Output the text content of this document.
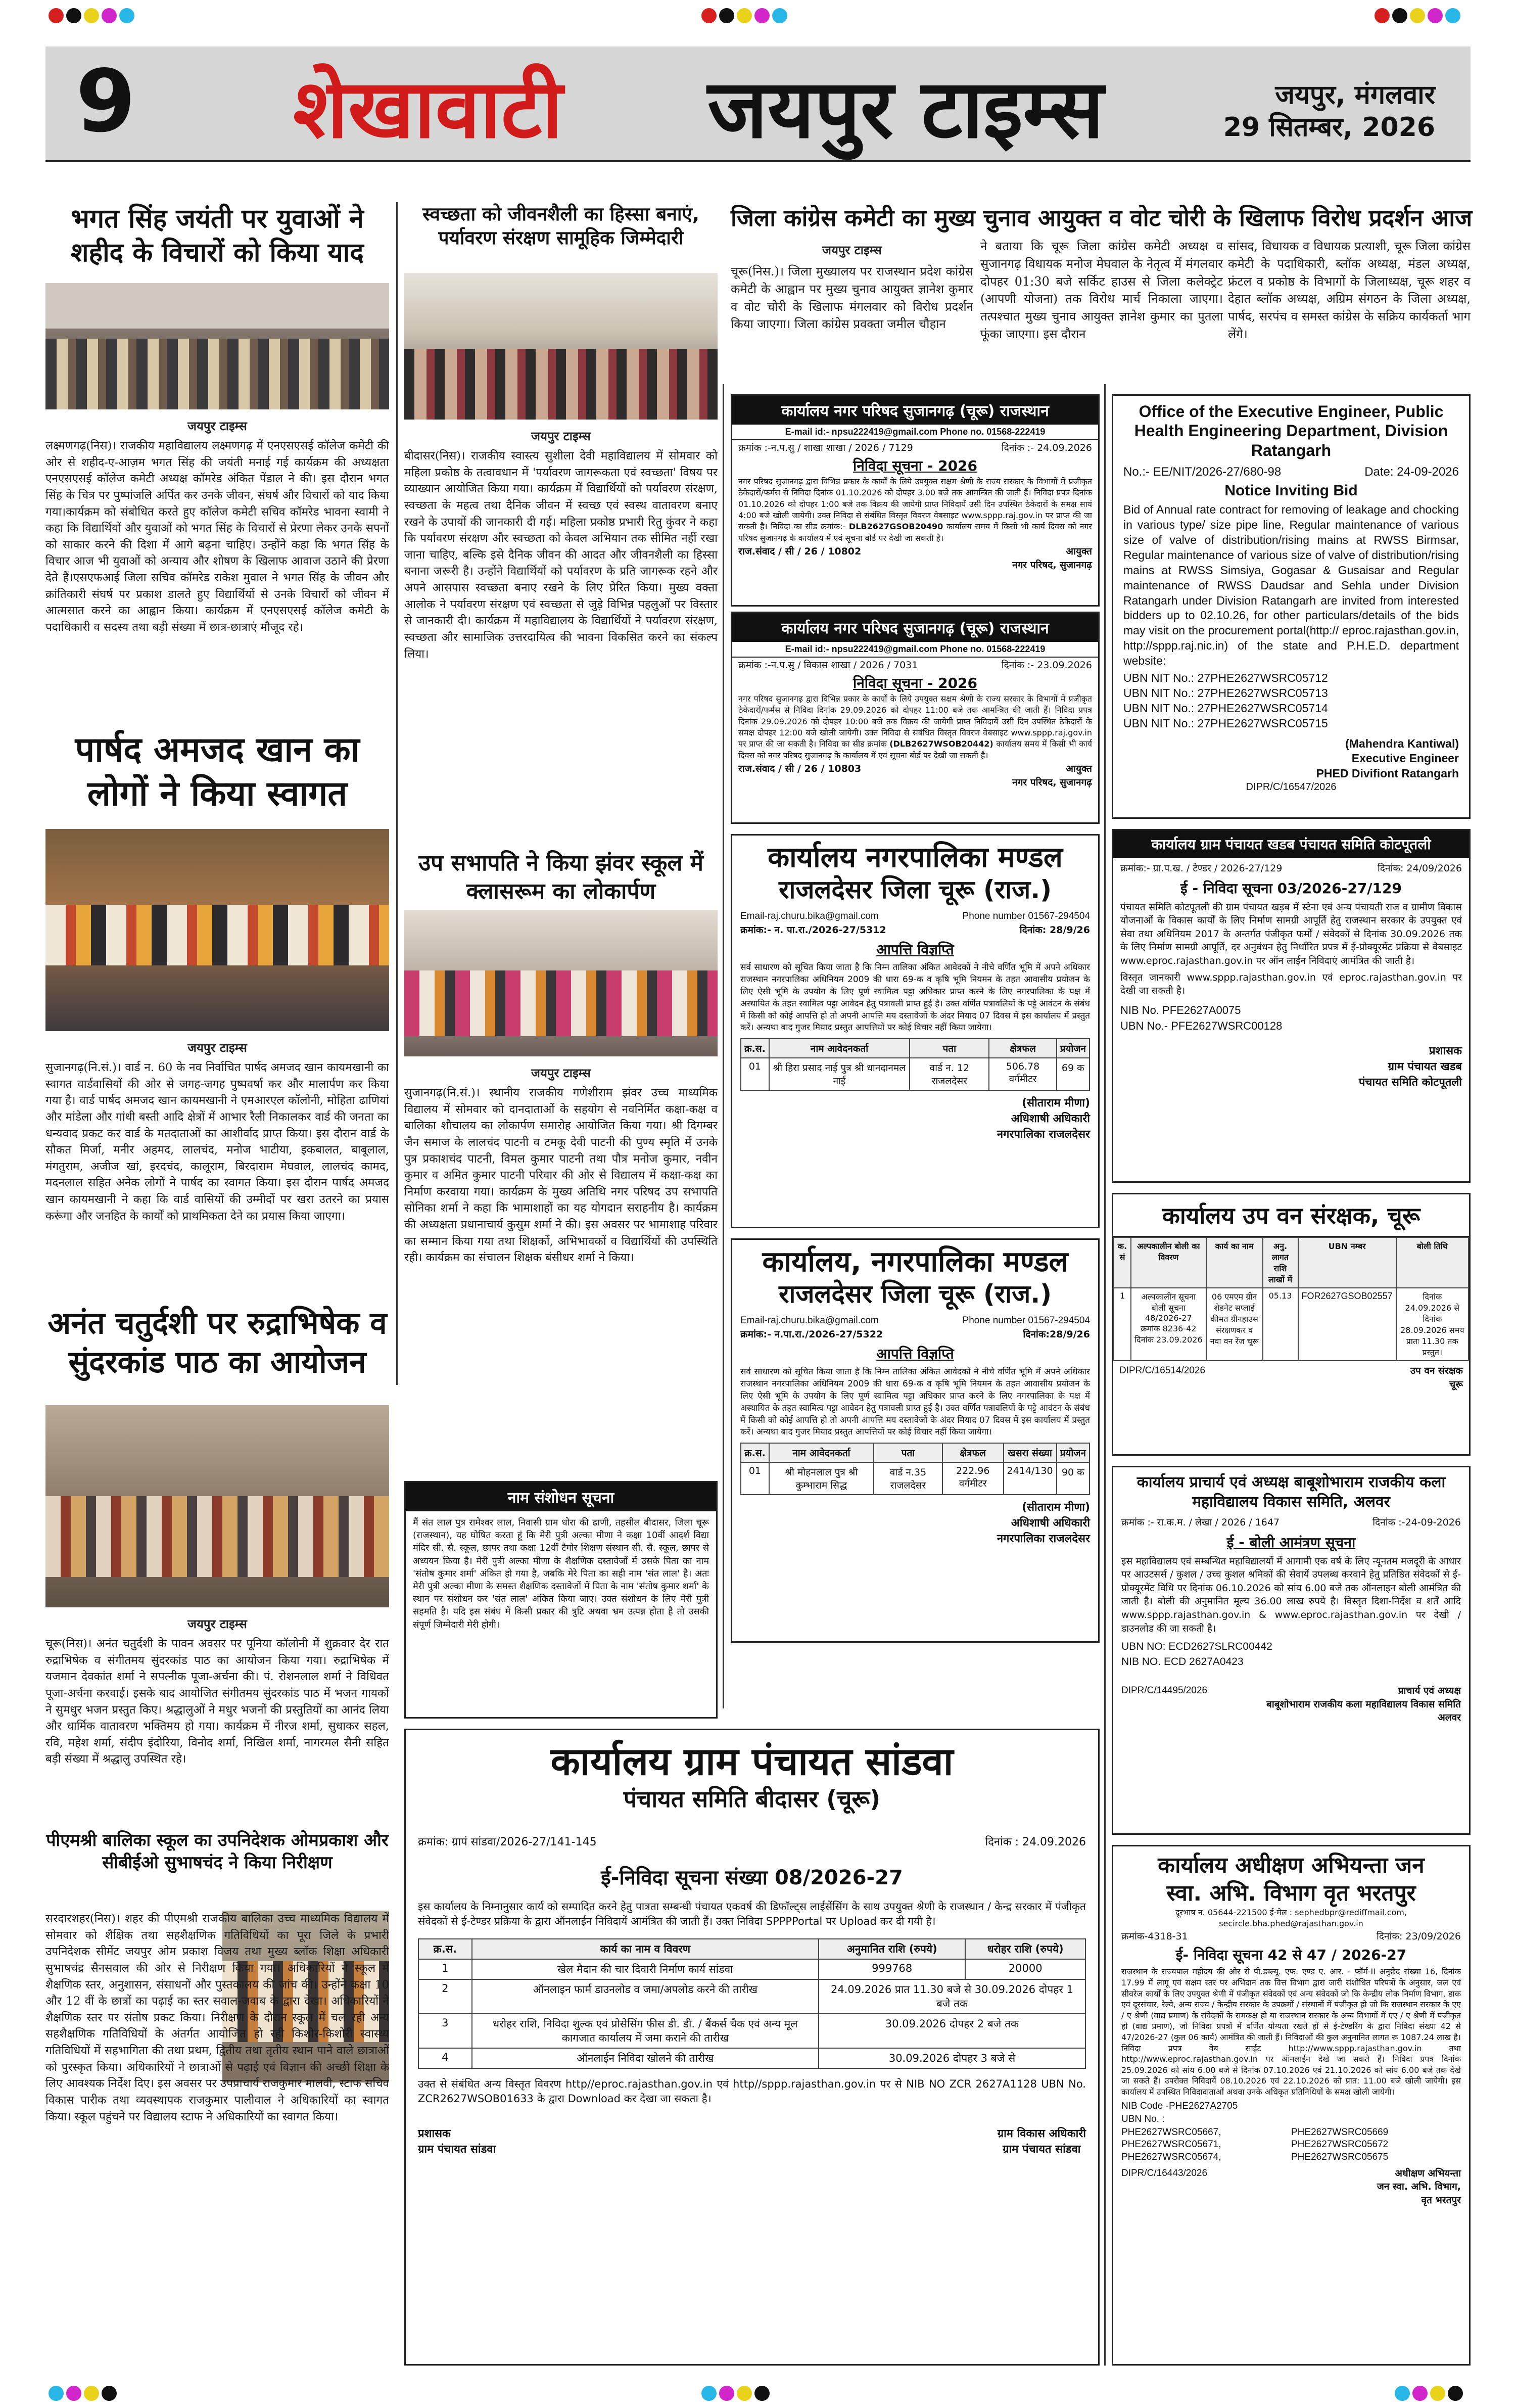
9 शेखावाटी जयपुर टाइम्स	जयपुर, मंगलवार
29 सितम्बर, 2026
भगत सिंह जयंती पर युवाओं ने शहीद के विचारों को किया याद
जयपुर टाइम्स
लक्ष्मणगढ़(निस)। राजकीय महाविद्यालय लक्ष्मणगढ़ में एनएसएसई कॉलेज कमेटी की ओर से शहीद-ए-आज़म भगत सिंह की जयंती मनाई गई कार्यक्रम की अध्यक्षता एनएसएसई कॉलेज कमेटी अध्यक्ष कॉमरेड अंकित पेंडाल ने की। इस दौरान भगत सिंह के चित्र पर पुष्पांजलि अर्पित कर उनके जीवन, संघर्ष और विचारों को याद किया गया।कार्यक्रम को संबोधित करते हुए कॉलेज कमेटी सचिव कॉमरेड भावना स्वामी ने कहा कि विद्यार्थियों और युवाओं को भगत सिंह के विचारों से प्रेरणा लेकर उनके सपनों को साकार करने की दिशा में आगे बढ़ना चाहिए। उन्होंने कहा कि भगत सिंह के विचार आज भी युवाओं को अन्याय और शोषण के खिलाफ आवाज उठाने की प्रेरणा देते हैं।एसएफआई जिला सचिव कॉमरेड राकेश मुवाल ने भगत सिंह के जीवन और क्रांतिकारी संघर्ष पर प्रकाश डालते हुए विद्यार्थियों से उनके विचारों को जीवन में आत्मसात करने का आह्वान किया। कार्यक्रम में एनएसएसई कॉलेज कमेटी के पदाधिकारी व सदस्य तथा बड़ी संख्या में छात्र-छात्राएं मौजूद रहे।
पार्षद अमजद खान का लोगों ने किया स्वागत
जयपुर टाइम्स
सुजानगढ़(नि.सं.)। वार्ड न. 60 के नव निर्वाचित पार्षद अमजद खान कायमखानी का स्वागत वार्डवासियों की ओर से जगह-जगह पुष्पवर्षा कर और मालार्पण कर किया गया है। वार्ड पार्षद अमजद खान कायमखानी ने एमआरएल कॉलोनी, मोहिता ढाणियां और मांडेला और गांधी बस्ती आदि क्षेत्रों में आभार रैली निकालकर वार्ड की जनता का धन्यवाद प्रकट कर वार्ड के मतदाताओं का आशीर्वाद प्राप्त किया। इस दौरान वार्ड के सौकत मिर्जा, मनीर अहमद, लालचंद, मनोज भाटीया, इकबालत, बाबूलाल, मंगतुराम, अजीज खां, इरदचंद, कालूराम, बिरदाराम मेघवाल, लालचंद कामद, मदनलाल सहित अनेक लोगों ने पार्षद का स्वागत किया। इस दौरान पार्षद अमजद खान कायमखानी ने कहा कि वार्ड वासियों की उम्मीदों पर खरा उतरने का प्रयास करूंगा और जनहित के कार्यों को प्राथमिकता देने का प्रयास किया जाएगा।
अनंत चतुर्दशी पर रुद्राभिषेक व सुंदरकांड पाठ का आयोजन
जयपुर टाइम्स
चूरू(निस)। अनंत चतुर्दशी के पावन अवसर पर पूनिया कॉलोनी में शुक्रवार देर रात रुद्राभिषेक व संगीतमय सुंदरकांड पाठ का आयोजन किया गया। रुद्राभिषेक में यजमान देवकांत शर्मा ने सपत्नीक पूजा-अर्चना की। पं. रोशनलाल शर्मा ने विधिवत पूजा-अर्चना करवाई। इसके बाद आयोजित संगीतमय सुंदरकांड पाठ में भजन गायकों ने सुमधुर भजन प्रस्तुत किए। श्रद्धालुओं ने मधुर भजनों की प्रस्तुतियों का आनंद लिया और धार्मिक वातावरण भक्तिमय हो गया। कार्यक्रम में नीरज शर्मा, सुधाकर सहल, रवि, महेश शर्मा, संदीप इंदोरिया, विनोद शर्मा, निखिल शर्मा, नागरमल सैनी सहित बड़ी संख्या में श्रद्धालु उपस्थित रहे।
पीएमश्री बालिका स्कूल का उपनिदेशक ओमप्रकाश और सीबीईओ सुभाषचंद ने किया निरीक्षण
सरदारशहर(निस)। शहर की पीएमश्री राजकीय बालिका उच्च माध्यमिक विद्यालय में सोमवार को शैक्षिक तथा सहशैक्षणिक गतिविधियों का पूरा जिले के प्रभारी उपनिदेशक सीमेंट जयपुर ओम प्रकाश विजय तथा मुख्य ब्लॉक शिक्षा अधिकारी सुभाषचंद्र सैनसवाल की ओर से निरीक्षण किया गया। अधिकारियों ने स्कूल में शैक्षणिक स्तर, अनुशासन, संसाधनों और पुस्तकालय की जांच की। उन्होंने कक्षा 10 और 12 वीं के छात्रों का पढ़ाई का स्तर सवाल-जवाब के द्वारा देखा। अधिकारियों ने शैक्षणिक स्तर पर संतोष प्रकट किया। निरीक्षण के दौरान स्कूल में चल रही अन्य सहशैक्षणिक गतिविधियों के अंतर्गत आयोजित हो रही किशोर-किशोरी स्वास्थ्य गतिविधियों में सहभागिता की तथा प्रथम, द्वितीय तथा तृतीय स्थान पाने वाले छात्राओं को पुरस्कृत किया। अधिकारियों ने छात्राओं से पढ़ाई एवं विज्ञान की अच्छी शिक्षा के लिए आवश्यक निर्देश दिए। इस अवसर पर उपप्राचार्य राजकुमार मालवी, स्टाफ सचिव विकास पारीक तथा व्यवस्थापक राजकुमार पालीवाल ने अधिकारियों का स्वागत किया। स्कूल पहुंचने पर विद्यालय स्टाफ ने अधिकारियों का स्वागत किया।
स्वच्छता को जीवनशैली का हिस्सा बनाएं, पर्यावरण संरक्षण सामूहिक जिम्मेदारी
जयपुर टाइम्स
बीदासर(निस)। राजकीय स्वास्त्य सुशीला देवी महाविद्यालय में सोमवार को महिला प्रकोष्ठ के तत्वावधान में 'पर्यावरण जागरूकता एवं स्वच्छता' विषय पर व्याख्यान आयोजित किया गया। कार्यक्रम में विद्यार्थियों को पर्यावरण संरक्षण, स्वच्छता के महत्व तथा दैनिक जीवन में स्वच्छ एवं स्वस्थ वातावरण बनाए रखने के उपायों की जानकारी दी गई। महिला प्रकोष्ठ प्रभारी रितु कुंवर ने कहा कि पर्यावरण संरक्षण और स्वच्छता को केवल अभियान तक सीमित नहीं रखा जाना चाहिए, बल्कि इसे दैनिक जीवन की आदत और जीवनशैली का हिस्सा बनाना जरूरी है। उन्होंने विद्यार्थियों को पर्यावरण के प्रति जागरूक रहने और अपने आसपास स्वच्छता बनाए रखने के लिए प्रेरित किया। मुख्य वक्ता आलोक ने पर्यावरण संरक्षण एवं स्वच्छता से जुड़े विभिन्न पहलुओं पर विस्तार से जानकारी दी। कार्यक्रम में महाविद्यालय के विद्यार्थियों ने पर्यावरण संरक्षण, स्वच्छता और सामाजिक उत्तरदायित्व की भावना विकसित करने का संकल्प लिया।
उप सभापति ने किया झंवर स्कूल में क्लासरूम का लोकार्पण
जयपुर टाइम्स
सुजानगढ़(नि.सं.)। स्थानीय राजकीय गणेशीराम झंवर उच्च माध्यमिक विद्यालय में सोमवार को दानदाताओं के सहयोग से नवनिर्मित कक्षा-कक्ष व बालिका शौचालय का लोकार्पण समारोह आयोजित किया गया। श्री दिगम्बर जैन समाज के लालचंद पाटनी व टमकू देवी पाटनी की पुण्य स्मृति में उनके पुत्र प्रकाशचंद पाटनी, विमल कुमार पाटनी तथा पौत्र मनोज कुमार, नवीन कुमार व अमित कुमार पाटनी परिवार की ओर से विद्यालय में कक्षा-कक्ष का निर्माण करवाया गया। कार्यक्रम के मुख्य अतिथि नगर परिषद उप सभापति सोनिका शर्मा ने कहा कि भामाशाहों का यह योगदान सराहनीय है। कार्यक्रम की अध्यक्षता प्रधानाचार्य कुसुम शर्मा ने की। इस अवसर पर भामाशाह परिवार का सम्मान किया गया तथा शिक्षकों, अभिभावकों व विद्यार्थियों की उपस्थिति रही। कार्यक्रम का संचालन शिक्षक बंसीधर शर्मा ने किया।
नाम संशोधन सूचना
मैं संत लाल पुत्र रामेश्वर लाल, निवासी ग्राम धोरा की ढाणी, तहसील बीदासर, जिला चूरू (राजस्थान), यह घोषित करता हूं कि मेरी पुत्री अल्का मीणा ने कक्षा 10वीं आदर्श विद्या मंदिर सी. सै. स्कूल, छापर तथा कक्षा 12वीं टैगोर शिक्षण संस्थान सी. सै. स्कूल, छापर से अध्ययन किया है। मेरी पुत्री अल्का मीणा के शैक्षणिक दस्तावेजों में उसके पिता का नाम 'संतोष कुमार शर्मा' अंकित हो गया है, जबकि मेरे पिता का सही नाम 'संत लाल' है। अतः मेरी पुत्री अल्का मीणा के समस्त शैक्षणिक दस्तावेजों में पिता के नाम 'संतोष कुमार शर्मा' के स्थान पर संशोधन कर 'संत लाल' अंकित किया जाए। उक्त संशोधन के लिए मेरी पुत्री सहमति है। यदि इस संबंध में किसी प्रकार की त्रुटि अथवा भ्रम उत्पन्न होता है तो उसकी संपूर्ण जिम्मेदारी मेरी होगी।
जिला कांग्रेस कमेटी का मुख्य चुनाव आयुक्त व वोट चोरी के खिलाफ विरोध प्रदर्शन आज
जयपुर टाइम्स
चूरू(निस.)। जिला मुख्यालय पर राजस्थान प्रदेश कांग्रेस कमेटी के आह्वान पर मुख्य चुनाव आयुक्त ज्ञानेश कुमार व वोट चोरी के खिलाफ मंगलवार को विरोध प्रदर्शन किया जाएगा। जिला कांग्रेस प्रवक्ता जमील चौहान
ने बताया कि चूरू जिला कांग्रेस कमेटी अध्यक्ष व सुजानगढ़ विधायक मनोज मेघवाल के नेतृत्व में मंगलवार दोपहर 01:30 बजे सर्किट हाउस से जिला कलेक्ट्रेट (आपणी योजना) तक विरोध मार्च निकाला जाएगा। तत्पश्चात मुख्य चुनाव आयुक्त ज्ञानेश कुमार का पुतला फूंका जाएगा। इस दौरान
सांसद, विधायक व विधायक प्रत्याशी, चूरू जिला कांग्रेस कमेटी के पदाधिकारी, ब्लॉक अध्यक्ष, मंडल अध्यक्ष, फ्रंटल व प्रकोष्ठ के विभागों के जिलाध्यक्ष, चूरू शहर व देहात ब्लॉक अध्यक्ष, अग्रिम संगठन के जिला अध्यक्ष, पार्षद, सरपंच व समस्त कांग्रेस के सक्रिय कार्यकर्ता भाग लेंगे।
कार्यालय नगर परिषद सुजानगढ़ (चूरू) राजस्थान
E-mail id:- npsu222419@gmail.com Phone no. 01568-222419
क्रमांक :-न.प.सु / शाखा शाखा / 2026 / 7129	दिनांक :- 24.09.2026
निविदा सूचना - 2026
नगर परिषद सुजानगढ़ द्वारा विभिन्न प्रकार के कार्यों के लिये उपयुक्त सक्षम श्रेणी के राज्य सरकार के विभागों में प्रजीकृत ठेकेदारों/फर्मस से निविदा दिनांक 01.10.2026 को दोपहर 3.00 बजे तक आमन्त्रित की जाती हैं। निविदा प्रपत्र दिनांक 01.10.2026 को दोपहर 1:00 बजे तक विक्रय की जायेगी प्राप्त निविदायें उसी दिन उपस्थित ठेकेदारों के समक्ष सायं 4:00 बजे खोली जायेगी। उक्त निविदा से संबंधित विस्तृत विवरण वेबसाइट www.sppp.raj.gov.in पर प्राप्त की जा सकती है। निविदा का सीड क्रमांक:- DLB2627GSOB20490 कार्यालय समय में किसी भी कार्य दिवस को नगर परिषद सुजानगढ़ के कार्यालय में एवं सूचना बोर्ड पर देखी जा सकती है।
राज.संवाद / सी / 26 / 10802	आयुक्त
नगर परिषद, सुजानगढ़
कार्यालय नगर परिषद सुजानगढ़ (चूरू) राजस्थान
E-mail id:- npsu222419@gmail.com Phone no. 01568-222419
क्रमांक :-न.प.सु / विकास शाखा / 2026 / 7031	दिनांक :- 23.09.2026
निविदा सूचना - 2026
नगर परिषद सुजानगढ़ द्वारा विभिन्न प्रकार के कार्यों के लिये उपयुक्त सक्षम श्रेणी के राज्य सरकार के विभागों में प्रजीकृत ठेकेदारों/फर्मस से निविदा दिनांक 29.09.2026 को दोपहर 11:00 बजे तक आमन्त्रित की जाती हैं। निविदा प्रपत्र दिनांक 29.09.2026 को दोपहर 10:00 बजे तक विक्रय की जायेगी प्राप्त निविदायें उसी दिन उपस्थित ठेकेदारों के समक्ष दोपहर 12:00 बजे खोली जायेगी। उक्त निविदा से संबंधित विस्तृत विवरण वेबसाइट www.sppp.raj.gov.in पर प्राप्त की जा सकती है। निविदा का सीड क्रमांक (DLB2627WSOB20442) कार्यालय समय में किसी भी कार्य दिवस को नगर परिषद सुजानगढ़ के कार्यालय में एवं सूचना बोर्ड पर देखी जा सकती है।
राज.संवाद / सी / 26 / 10803	आयुक्त
नगर परिषद, सुजानगढ़
कार्यालय नगरपालिका मण्डल
राजलदेसर जिला चूरू (राज.)
Email-raj.churu.bika@gmail.com	Phone number 01567-294504
क्रमांक:- न. पा.रा./2026-27/5312	दिनांक: 28/9/26
आपत्ति विज्ञप्ति
सर्व साधारण को सूचित किया जाता है कि निम्न तालिका अंकित आवेदकों ने नीचे वर्णित भूमि में अपने अधिकार राजस्थान नगरपालिका अधिनियम 2009 की धारा 69-क व कृषि भूमि नियमन के तहत आवासीय प्रयोजन के लिए ऐसी भूमि के उपयोग के लिए पूर्ण स्वामित्व पट्टा अधिकार प्राप्त करने के लिए नगरपालिका के पक्ष में अस्थायित के तहत स्वामित्व पट्टा आवेदन हेतु पत्रावली प्राप्त हुई है। उक्त वर्णित पत्रावलियों के पट्टे आवंटन के संबंध में किसी को कोई आपत्ति हो तो अपनी आपत्ति मय दस्तावेजों के अंदर मियाद 07 दिवस में इस कार्यालय में प्रस्तुत करें। अन्यथा बाद गुजर मियाद प्रस्तुत आपत्तियों पर कोई विचार नहीं किया जायेगा।
क्र.स.	नाम आवेदनकर्ता	पता	क्षेत्रफल	प्रयोजन
01	श्री हिरा प्रसाद नाई पुत्र श्री धानदानमल नाई	वार्ड न. 12 राजलदेसर	506.78 वर्गमीटर	69 क
(सीताराम मीणा)
अधिशाषी अधिकारी
नगरपालिका राजलदेसर
कार्यालय, नगरपालिका मण्डल
राजलदेसर जिला चूरू (राज.)
Email-raj.churu.bika@gmail.com	Phone number 01567-294504
क्रमांक:- न.पा.रा./2026-27/5322	दिनांक:28/9/26
आपत्ति विज्ञप्ति
सर्व साधारण को सूचित किया जाता है कि निम्न तालिका अंकित आवेदकों ने नीचे वर्णित भूमि में अपने अधिकार राजस्थान नगरपालिका अधिनियम 2009 की धारा 69-क व कृषि भूमि नियमन के तहत आवासीय प्रयोजन के लिए ऐसी भूमि के उपयोग के लिए पूर्ण स्वामित्व पट्टा अधिकार प्राप्त करने के लिए नगरपालिका के पक्ष में अस्थायित के तहत स्वामित्व पट्टा आवेदन हेतु पत्रावली प्राप्त हुई है। उक्त वर्णित पत्रावलियों के पट्टे आवंटन के संबंध में किसी को कोई आपत्ति हो तो अपनी आपत्ति मय दस्तावेजों के अंदर मियाद 07 दिवस में इस कार्यालय में प्रस्तुत करें। अन्यथा बाद गुजर मियाद प्रस्तुत आपत्तियों पर कोई विचार नहीं किया जायेगा।
क्र.स.	नाम आवेदनकर्ता	पता	क्षेत्रफल	खसरा संख्या	प्रयोजन
01	श्री मोहनलाल पुत्र श्री कुम्भाराम सिद्ध	वार्ड न.35 राजलदेसर	222.96 वर्गमीटर	2414/130	90 क
(सीताराम मीणा)
अधिशाषी अधिकारी
नगरपालिका राजलदेसर
Office of the Executive Engineer, Public Health Engineering Department, Division Ratangarh
No.:- EE/NIT/2026-27/680-98	Date: 24-09-2026
Notice Inviting Bid
Bid of Annual rate contract for removing of leakage and chocking in various type/ size pipe line, Regular maintenance of various size of valve of distribution/rising mains at RWSS Birmsar, Regular maintenance of various size of valve of distribution/rising mains at RWSS Simsiya, Gogasar & Gusaisar and Regular maintenance of RWSS Daudsar and Sehla under Division Ratangarh under Division Ratangarh are invited from interested bidders up to 02.10.26, for other particulars/details of the bids may visit on the procurement portal(http:// eproc.rajasthan.gov.in, http://sppp.raj.nic.in) of the state and P.H.E.D. department website:
UBN NIT No.: 27PHE2627WSRC05712
UBN NIT No.: 27PHE2627WSRC05713
UBN NIT No.: 27PHE2627WSRC05714
UBN NIT No.: 27PHE2627WSRC05715
(Mahendra Kantiwal)
Executive Engineer
PHED Divifiont Ratangarh
DIPR/C/16547/2026
कार्यालय ग्राम पंचायत खडब पंचायत समिति कोटपूतली
क्रमांक:- ग्रा.प.ख. / टेण्डर / 2026-27/129	दिनांक: 24/09/2026
ई - निविदा सूचना 03/2026-27/129
पंचायत समिति कोटपूतली की ग्राम पंचायत खड़ब में स्टेना एवं अन्य पंचायती राज व ग्रामीण विकास योजनाओं के विकास कार्यों के लिए निर्माण सामग्री आपूर्ति हेतु राजस्थान सरकार के उपयुक्त एवं सेवा तथा अधिनियम 2017 के अन्तर्गत पंजीकृत फर्मों / संवेदकों से दिनांक 30.09.2026 तक के लिए निर्माण सामग्री आपूर्ति, दर अनुबंधन हेतु निर्धारित प्रपत्र में ई-प्रोक्यूरमेंट प्रक्रिया से वेबसाइट www.eproc.rajasthan.gov.in पर ऑन लाईन निविदाएं आमंत्रित की जाती है।
विस्तृत जानकारी www.sppp.rajasthan.gov.in एवं eproc.rajasthan.gov.in पर देखी जा सकती है।
NIB No. PFE2627A0075
UBN No.- PFE2627WSRC00128
प्रशासक
ग्राम पंचायत खडब
पंचायत समिति कोटपूतली
कार्यालय उप वन संरक्षक, चूरू
क. सं	अल्पकालीन बोली का विवरण	कार्य का नाम	अनु. लागत राशि लाखों में	UBN नम्बर	बोली तिथि
1	अल्पकालीन सूचना बोली सूचना 48/2026-27 क्रमांक 8236-42 दिनांक 23.09.2026	06 एमएम ग्रीन शेडनेट सप्लाई कीमत ग्रीनहाउस संरक्षणकर व नवा वन रेंज चूरू	05.13	FOR2627GSOB02557	दिनांक 24.09.2026 से दिनांक 28.09.2026 समय प्रातः 11.30 तक प्रस्तुत।
DIPR/C/16514/2026	उप वन संरक्षक
चूरू
कार्यालय प्राचार्य एवं अध्यक्ष बाबूशोभाराम राजकीय कला महाविद्यालय विकास समिति, अलवर
क्रमांक :- रा.क.म. / लेखा / 2026 / 1647	दिनांक :-24-09-2026
ई - बोली आमंत्रण सूचना
इस महाविद्यालय एवं सम्बन्धित महाविद्यालयों में आगामी एक वर्ष के लिए न्यूनतम मजदूरी के आधार पर आउटसर्स / कुशल / उच्च कुशल श्रमिकों की सेवायें उपलब्ध करवाने हेतु प्रतिष्ठित संवेदकों से ई-प्रोक्यूरमेंट विधि पर दिनांक 06.10.2026 को सांय 6.00 बजे तक ऑनलाइन बोली आमंत्रित की जाती है। बोली की अनुमानित मूल्य 36.00 लाख रुपये है। विस्तृत दिशा-निर्देश व शर्तें आदि www.sppp.rajasthan.gov.in & www.eproc.rajasthan.gov.in पर देखी / डाउनलोड की जा सकती है।
UBN NO: ECD2627SLRC00442
NIB NO. ECD 2627A0423
DIPR/C/14495/2026	प्राचार्य एवं अध्यक्ष
बाबूशोभाराम राजकीय कला महाविद्यालय विकास समिति अलवर
कार्यालय अधीक्षण अभियन्ता जन
स्वा. अभि. विभाग वृत भरतपुर
दूरभाष न. 05644-221500 ई-मेल : sephedbpr@rediffmail.com, secircle.bha.phed@rajasthan.gov.in
क्रमांक-4318-31	दिनांक: 23/09/2026
ई- निविदा सूचना 42 से 47 / 2026-27
राजस्थान के राज्यपाल महोदय की ओर से पी.डब्ल्यू. एफ. एण्ड ए. आर. - फॉर्म-II अनुछेद संख्या 16, दिनांक 17.99 में लागू एवं सक्षम स्तर पर अभिदान तक वित्त विभाग द्वारा जारी संशोधित परिपत्रों के अनुसार, जल एवं सीवरेज कार्यों के लिए उपयुक्त श्रेणी में पंजीकृत संवेदकों एवं अन्य संवेदकों जो कि केन्द्रीय लोक निर्माण विभाग, डाक एवं दूरसंचार, रेल्वे, अन्य राज्य / केन्द्रीय सरकार के उपक्रमों / संस्थानों में पंजीकृत हो जो कि राजस्थान सरकार के एए / ए श्रेणी (वाद्य प्रमाण) के संवेदकों के समकक्ष हो या राजस्थान सरकार के अन्य विभागों में एए / ए श्रेणी में पंजीकृत हो (वाद्य प्रमाण), जो निविदा प्रपत्रों में वर्णित योग्यता रखते हों से ई-टेण्डरिंग के द्वारा निविदा संख्या 42 से 47/2026-27 (कुल 06 कार्य) आमंत्रित की जाती हैं। निविदाओं की कुल अनुमानित लागत रू 1087.24 लाख है। निविदा प्रपत्र वेब साईट http://www.sppp.rajasthan.gov.in तथा http://www.eproc.rajasthan.gov.in पर ऑनलाईन देखे जा सकते हैं। निविदा प्रपत्र दिनांक 25.09.2026 को सांय 6.00 बजे से दिनांक 07.10.2026 एवं 21.10.2026 को सांय 6.00 बजे तक देखे जा सकते हैं। उपरोक्त निविदायें 08.10.2026 एवं 22.10.2026 को प्रात: 11.00 बजे खोली जायेगी। इस कार्यालय में उपस्थित निविदादाताओं अथवा उनके अधिकृत प्रतिनिधियों के समक्ष खोली जायेगी।
NIB Code -PHE2627A2705
UBN No. :
PHE2627WSRC05667,	PHE2627WSRC05669
PHE2627WSRC05671,	PHE2627WSRC05672
PHE2627WSRC05674,	PHE2627WSRC05675
DIPR/C/16443/2026	अधीक्षण अभियन्ता
जन स्वा. अभि. विभाग,
वृत भरतपुर
कार्यालय ग्राम पंचायत सांडवा
पंचायत समिति बीदासर (चूरू)
क्रमांक: ग्रापं सांडवा/2026-27/141-145	दिनांक : 24.09.2026
ई-निविदा सूचना संख्या 08/2026-27
इस कार्यालय के निम्नानुसार कार्य को सम्पादित करने हेतु पात्रता सम्बन्धी पंचायत एकवर्ष की डिफॉल्ट्स लाईसेंसिंग के साथ उपयुक्त श्रेणी के राजस्थान / केन्द्र सरकार में पंजीकृत संवेदकों से ई-टेण्डर प्रक्रिया के द्वारा ऑनलाईन निविदायें आमंत्रित की जाती हैं। उक्त निविदा SPPPPortal पर Upload कर दी गयी है।
क्र.स.	कार्य का नाम व विवरण	अनुमानित राशि (रुपये)	धरोहर राशि (रुपये)
1	खेल मैदान की चार दिवारी निर्माण कार्य सांडवा	999768	20000
2	ऑनलाइन फार्म डाउनलोड व जमा/अपलोड करने की तारीख	24.09.2026 प्रात 11.30 बजे से 30.09.2026 दोपहर 1 बजे तक	
3	धरोहर राशि, निविदा शुल्क एवं प्रोसेसिंग फीस डी. डी. / बैंकर्स चैक एवं अन्य मूल कागजात कार्यालय में जमा कराने की तारीख	30.09.2026 दोपहर 2 बजे तक	
4	ऑनलाईन निविदा खोलने की तारीख	30.09.2026 दोपहर 3 बजे से	
उक्त से संबंधित अन्य विस्तृत विवरण http//eproc.rajasthan.gov.in एवं http//sppp.rajasthan.gov.in पर से NIB NO ZCR 2627A1128 UBN No. ZCR2627WSOB01633 के द्वारा Download कर देखा जा सकता है।
प्रशासक
ग्राम पंचायत सांडवा
ग्राम विकास अधिकारी
ग्राम पंचायत सांडवा
